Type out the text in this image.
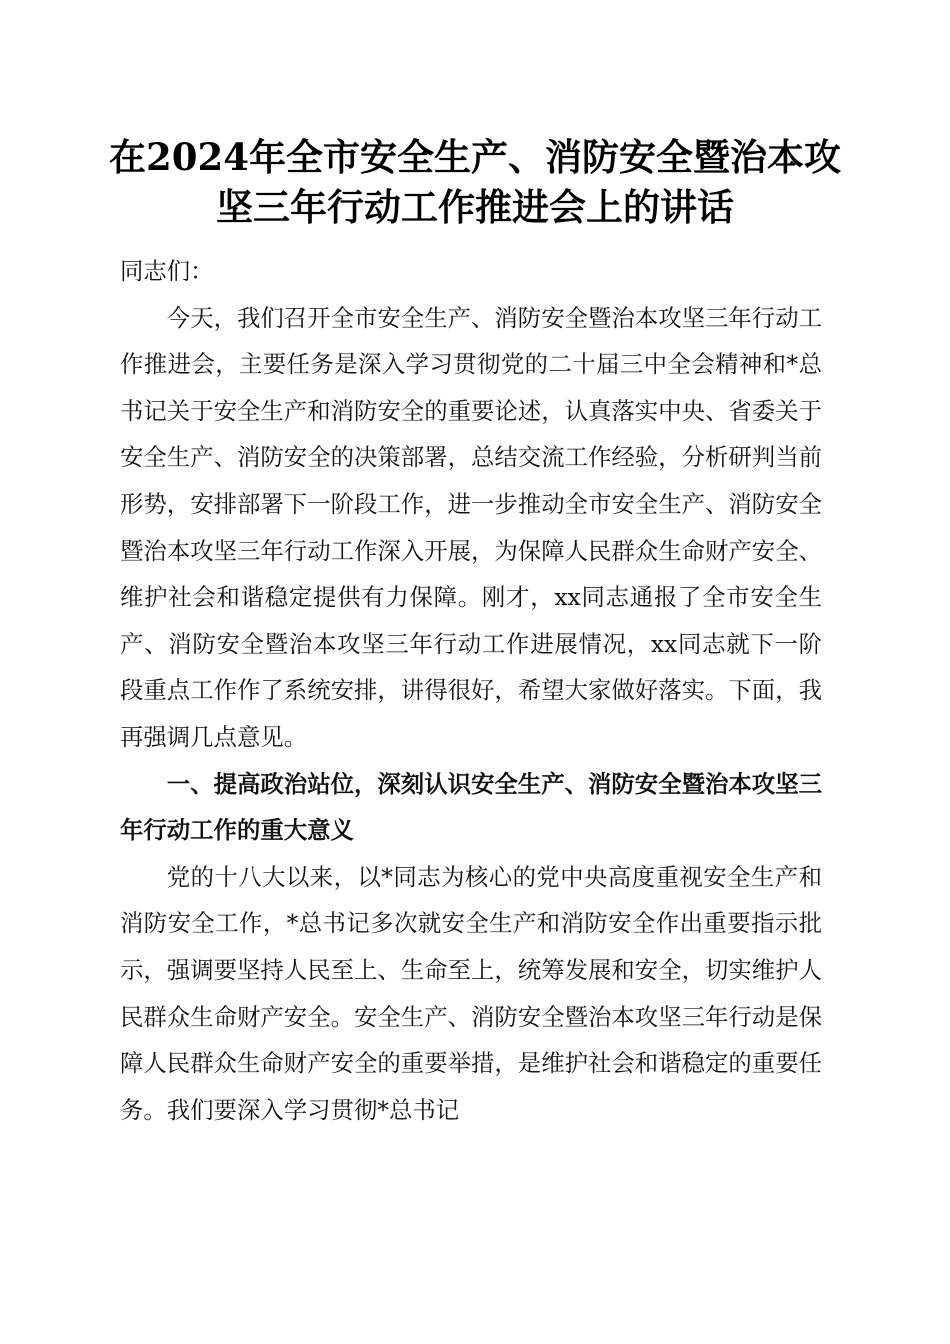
在2024年全市安全生产、消防安全暨治本攻
坚三年行动工作推进会上的讲话

同志们：

今天，我们召开全市安全生产、消防安全暨治本攻坚三年行动工作推进会，主要任务是深入学习贯彻党的二十届三中全会精神和*总书记关于安全生产和消防安全的重要论述，认真落实中央、省委关于安全生产、消防安全的决策部署，总结交流工作经验，分析研判当前形势，安排部署下一阶段工作，进一步推动全市安全生产、消防安全暨治本攻坚三年行动工作深入开展，为保障人民群众生命财产安全、维护社会和谐稳定提供有力保障。刚才，xx同志通报了全市安全生产、消防安全暨治本攻坚三年行动工作进展情况，xx同志就下一阶段重点工作作了系统安排，讲得很好，希望大家做好落实。下面，我再强调几点意见。

一、提高政治站位，深刻认识安全生产、消防安全暨治本攻坚三年行动工作的重大意义

党的十八大以来，以*同志为核心的党中央高度重视安全生产和消防安全工作，*总书记多次就安全生产和消防安全作出重要指示批示，强调要坚持人民至上、生命至上，统筹发展和安全，切实维护人民群众生命财产安全。安全生产、消防安全暨治本攻坚三年行动是保障人民群众生命财产安全的重要举措，是维护社会和谐稳定的重要任务。我们要深入学习贯彻*总书记
